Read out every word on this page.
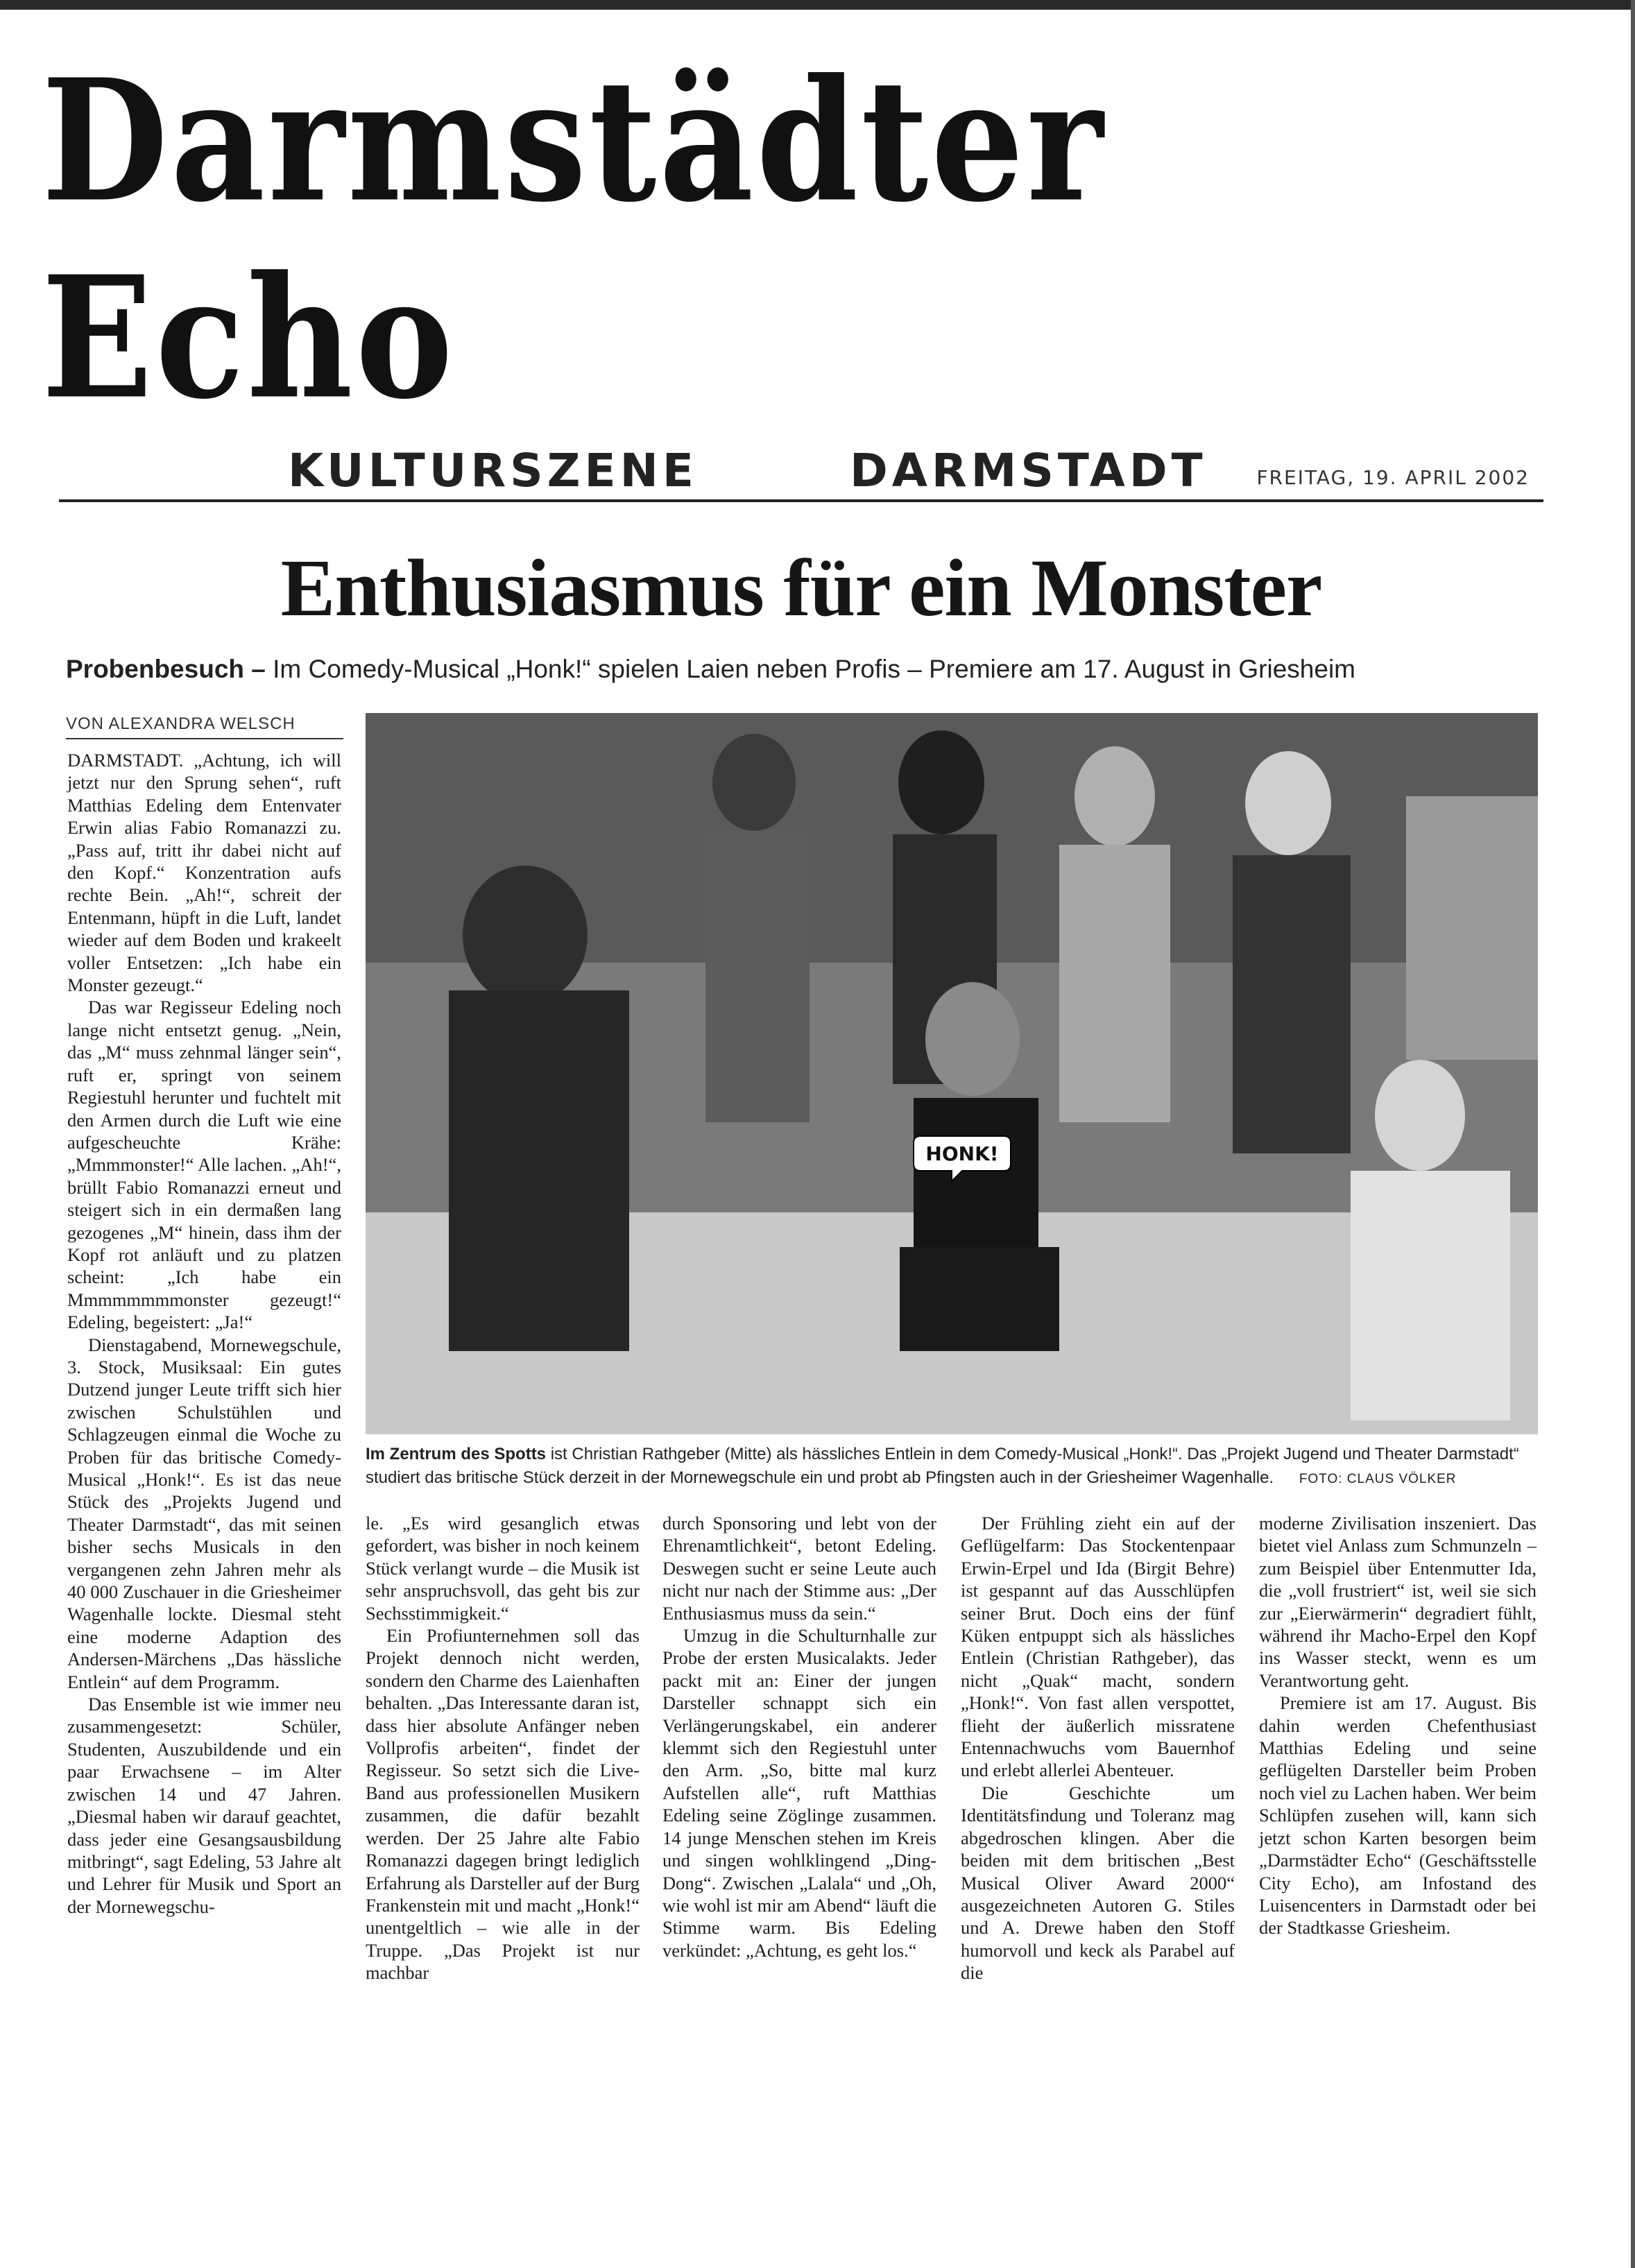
Darmstädter Echo
KULTURSZENE	DARMSTADT	FREITAG, 19. APRIL 2002
Enthusiasmus für ein Monster
Probenbesuch – Im Comedy-Musical „Honk!“ spielen Laien neben Profis – Premiere am 17. August in Griesheim
VON ALEXANDRA WELSCH

DARMSTADT. „Achtung, ich will jetzt nur den Sprung sehen“, ruft Matthias Edeling dem Entenvater Erwin alias Fabio Romanazzi zu. „Pass auf, tritt ihr dabei nicht auf den Kopf.“ Konzentration aufs rechte Bein. „Ah!“, schreit der Entenmann, hüpft in die Luft, landet wieder auf dem Boden und krakeelt voller Entsetzen: „Ich habe ein Monster gezeugt.“

Das war Regisseur Edeling noch lange nicht entsetzt genug. „Nein, das „M“ muss zehnmal länger sein“, ruft er, springt von seinem Regiestuhl herunter und fuchtelt mit den Armen durch die Luft wie eine aufgescheuchte Krähe: „Mmmmonster!“ Alle lachen. „Ah!“, brüllt Fabio Romanazzi erneut und steigert sich in ein dermaßen lang gezogenes „M“ hinein, dass ihm der Kopf rot anläuft und zu platzen scheint: „Ich habe ein Mmmmmmmmonster gezeugt!“ Edeling, begeistert: „Ja!“

Dienstagabend, Mornewegschule, 3. Stock, Musiksaal: Ein gutes Dutzend junger Leute trifft sich hier zwischen Schulstühlen und Schlagzeugen einmal die Woche zu Proben für das britische Comedy-Musical „Honk!“. Es ist das neue Stück des „Projekts Jugend und Theater Darmstadt“, das mit seinen bisher sechs Musicals in den vergangenen zehn Jahren mehr als 40 000 Zuschauer in die Griesheimer Wagenhalle lockte. Diesmal steht eine moderne Adaption des Andersen-Märchens „Das hässliche Entlein“ auf dem Programm.

Das Ensemble ist wie immer neu zusammengesetzt: Schüler, Studenten, Auszubildende und ein paar Erwachsene – im Alter zwischen 14 und 47 Jahren. „Diesmal haben wir darauf geachtet, dass jeder eine Gesangsausbildung mitbringt“, sagt Edeling, 53 Jahre alt und Lehrer für Musik und Sport an der Mornewegschu-

HONK!
Im Zentrum des Spotts ist Christian Rathgeber (Mitte) als hässliches Entlein in dem Comedy-Musical „Honk!“. Das „Projekt Jugend und Theater Darmstadt“ studiert das britische Stück derzeit in der Mornewegschule ein und probt ab Pfingsten auch in der Griesheimer Wagenhalle. FOTO: CLAUS VÖLKER

le. „Es wird gesanglich etwas gefordert, was bisher in noch keinem Stück verlangt wurde – die Musik ist sehr anspruchsvoll, das geht bis zur Sechsstimmigkeit.“

Ein Profiunternehmen soll das Projekt dennoch nicht werden, sondern den Charme des Laienhaften behalten. „Das Interessante daran ist, dass hier absolute Anfänger neben Vollprofis arbeiten“, findet der Regisseur. So setzt sich die Live-Band aus professionellen Musikern zusammen, die dafür bezahlt werden. Der 25 Jahre alte Fabio Romanazzi dagegen bringt lediglich Erfahrung als Darsteller auf der Burg Frankenstein mit und macht „Honk!“ unentgeltlich – wie alle in der Truppe. „Das Projekt ist nur machbar

durch Sponsoring und lebt von der Ehrenamtlichkeit“, betont Edeling. Deswegen sucht er seine Leute auch nicht nur nach der Stimme aus: „Der Enthusiasmus muss da sein.“

Umzug in die Schulturnhalle zur Probe der ersten Musicalakts. Jeder packt mit an: Einer der jungen Darsteller schnappt sich ein Verlängerungskabel, ein anderer klemmt sich den Regiestuhl unter den Arm. „So, bitte mal kurz Aufstellen alle“, ruft Matthias Edeling seine Zöglinge zusammen. 14 junge Menschen stehen im Kreis und singen wohlklingend „Ding-Dong“. Zwischen „Lalala“ und „Oh, wie wohl ist mir am Abend“ läuft die Stimme warm. Bis Edeling verkündet: „Achtung, es geht los.“

Der Frühling zieht ein auf der Geflügelfarm: Das Stockentenpaar Erwin-Erpel und Ida (Birgit Behre) ist gespannt auf das Ausschlüpfen seiner Brut. Doch eins der fünf Küken entpuppt sich als hässliches Entlein (Christian Rathgeber), das nicht „Quak“ macht, sondern „Honk!“. Von fast allen verspottet, flieht der äußerlich missratene Entennachwuchs vom Bauernhof und erlebt allerlei Abenteuer.

Die Geschichte um Identitätsfindung und Toleranz mag abgedroschen klingen. Aber die beiden mit dem britischen „Best Musical Oliver Award 2000“ ausgezeichneten Autoren G. Stiles und A. Drewe haben den Stoff humorvoll und keck als Parabel auf die

moderne Zivilisation inszeniert. Das bietet viel Anlass zum Schmunzeln – zum Beispiel über Entenmutter Ida, die „voll frustriert“ ist, weil sie sich zur „Eierwärmerin“ degradiert fühlt, während ihr Macho-Erpel den Kopf ins Wasser steckt, wenn es um Verantwortung geht.

Premiere ist am 17. August. Bis dahin werden Chefenthusiast Matthias Edeling und seine geflügelten Darsteller beim Proben noch viel zu Lachen haben. Wer beim Schlüpfen zusehen will, kann sich jetzt schon Karten besorgen beim „Darmstädter Echo“ (Geschäftsstelle City Echo), am Infostand des Luisencenters in Darmstadt oder bei der Stadtkasse Griesheim.
